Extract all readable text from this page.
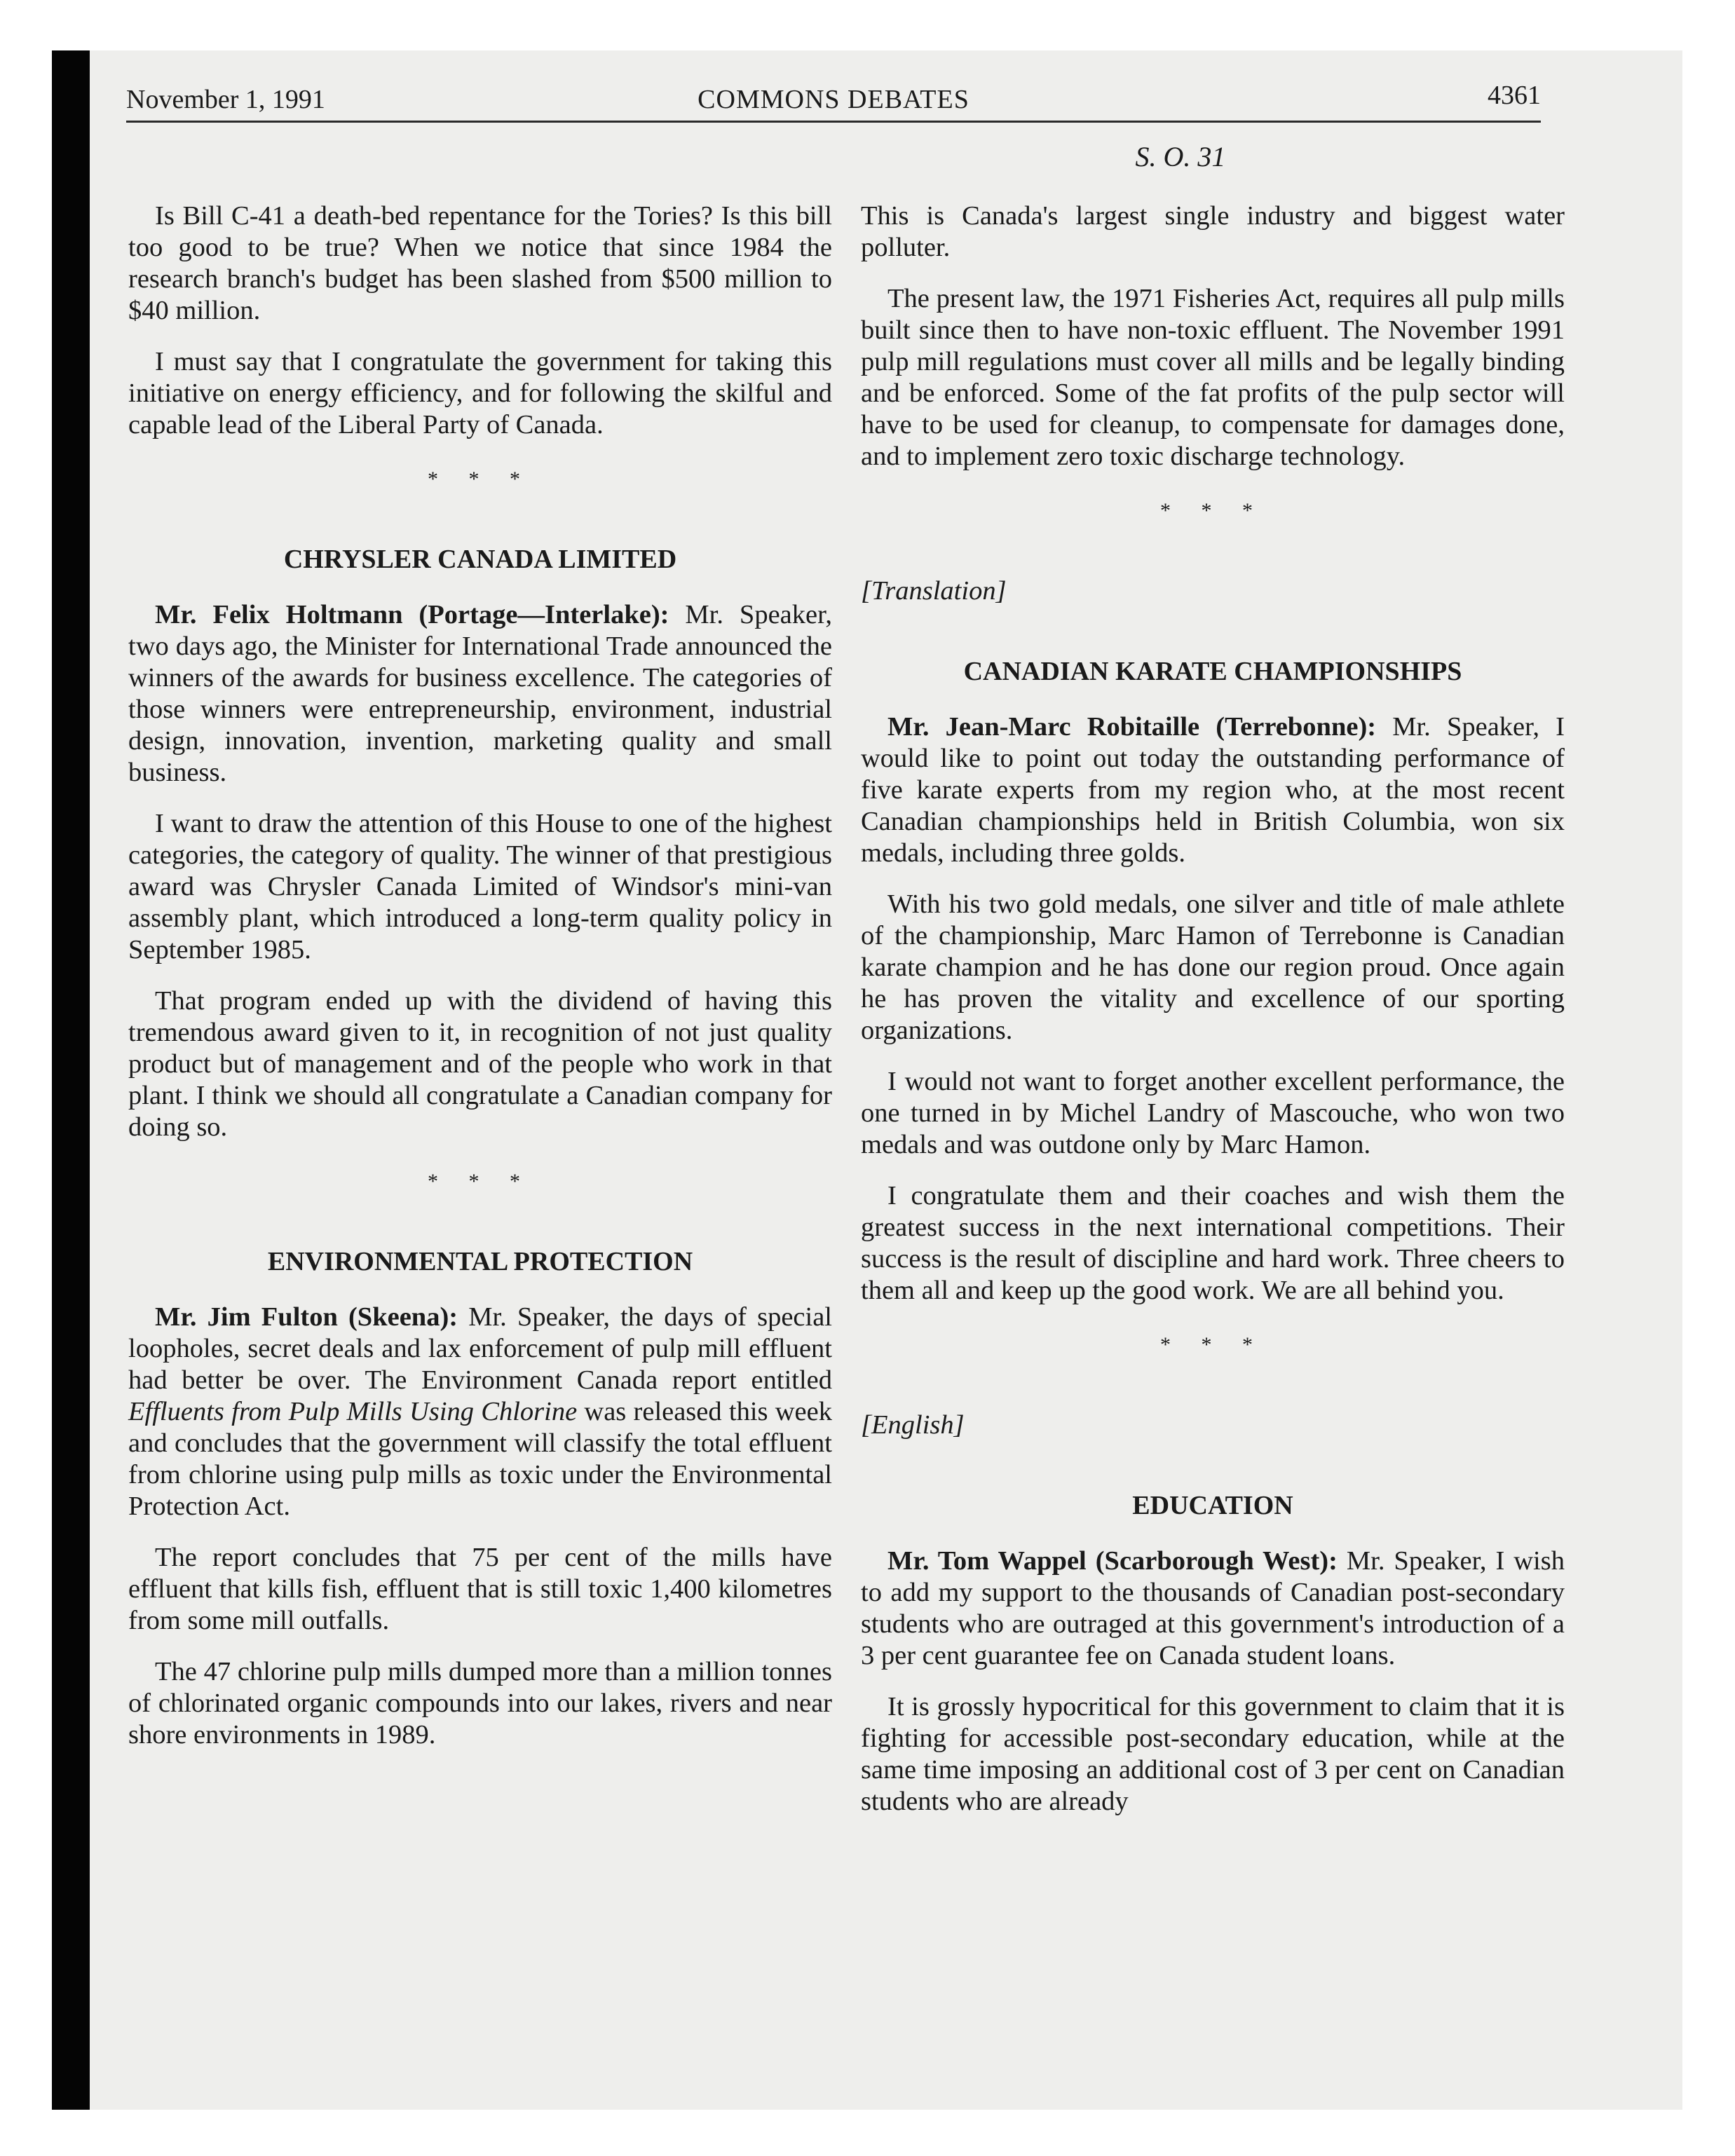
November 1, 1991	COMMONS DEBATES	4361
S. O. 31

Is Bill C-41 a death-bed repentance for the Tories? Is this bill too good to be true? When we notice that since 1984 the research branch's budget has been slashed from $500 million to $40 million.

I must say that I congratulate the government for taking this initiative on energy efficiency, and for following the skilful and capable lead of the Liberal Party of Canada.

* * *
CHRYSLER CANADA LIMITED

Mr. Felix Holtmann (Portage—Interlake): Mr. Speaker, two days ago, the Minister for International Trade announced the winners of the awards for business excellence. The categories of those winners were entrepreneurship, environment, industrial design, innovation, invention, marketing quality and small business.

I want to draw the attention of this House to one of the highest categories, the category of quality. The winner of that prestigious award was Chrysler Canada Limited of Windsor's mini-van assembly plant, which introduced a long-term quality policy in September 1985.

That program ended up with the dividend of having this tremendous award given to it, in recognition of not just quality product but of management and of the people who work in that plant. I think we should all congratulate a Canadian company for doing so.

* * *
ENVIRONMENTAL PROTECTION

Mr. Jim Fulton (Skeena): Mr. Speaker, the days of special loopholes, secret deals and lax enforcement of pulp mill effluent had better be over. The Environment Canada report entitled Effluents from Pulp Mills Using Chlorine was released this week and concludes that the government will classify the total effluent from chlorine using pulp mills as toxic under the Environmental Protection Act.

The report concludes that 75 per cent of the mills have effluent that kills fish, effluent that is still toxic 1,400 kilometres from some mill outfalls.

The 47 chlorine pulp mills dumped more than a million tonnes of chlorinated organic compounds into our lakes, rivers and near shore environments in 1989.

This is Canada's largest single industry and biggest water polluter.

The present law, the 1971 Fisheries Act, requires all pulp mills built since then to have non-toxic effluent. The November 1991 pulp mill regulations must cover all mills and be legally binding and be enforced. Some of the fat profits of the pulp sector will have to be used for cleanup, to compensate for damages done, and to implement zero toxic discharge technology.

* * *
[Translation]
CANADIAN KARATE CHAMPIONSHIPS

Mr. Jean-Marc Robitaille (Terrebonne): Mr. Speaker, I would like to point out today the outstanding performance of five karate experts from my region who, at the most recent Canadian championships held in British Columbia, won six medals, including three golds.

With his two gold medals, one silver and title of male athlete of the championship, Marc Hamon of Terrebonne is Canadian karate champion and he has done our region proud. Once again he has proven the vitality and excellence of our sporting organizations.

I would not want to forget another excellent performance, the one turned in by Michel Landry of Mascouche, who won two medals and was outdone only by Marc Hamon.

I congratulate them and their coaches and wish them the greatest success in the next international competitions. Their success is the result of discipline and hard work. Three cheers to them all and keep up the good work. We are all behind you.

* * *
[English]
EDUCATION

Mr. Tom Wappel (Scarborough West): Mr. Speaker, I wish to add my support to the thousands of Canadian post-secondary students who are outraged at this government's introduction of a 3 per cent guarantee fee on Canada student loans.

It is grossly hypocritical for this government to claim that it is fighting for accessible post-secondary education, while at the same time imposing an additional cost of 3 per cent on Canadian students who are already
